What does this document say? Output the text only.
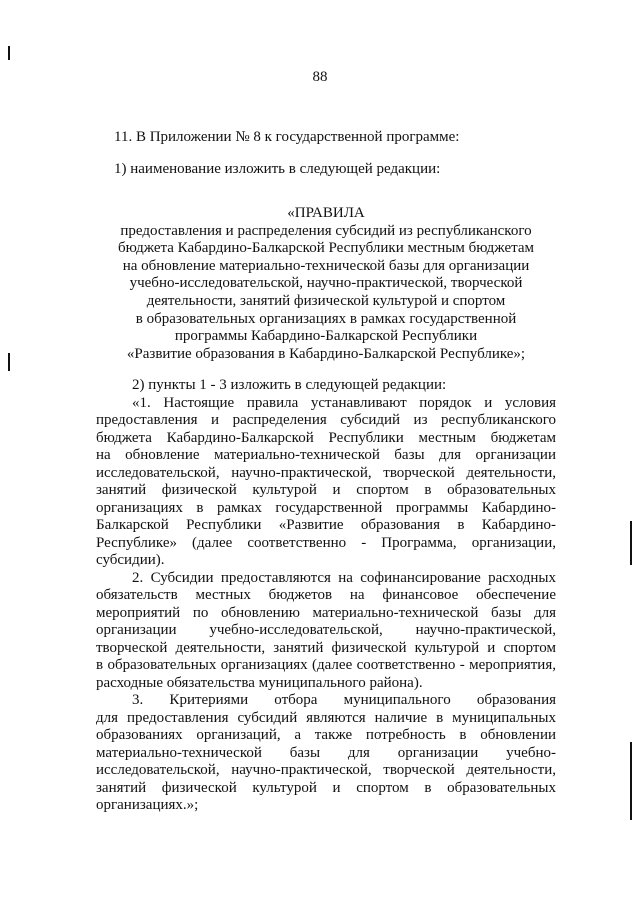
88
11. В Приложении № 8 к государственной программе:
1) наименование изложить в следующей редакции:
«ПРАВИЛА
предоставления и распределения субсидий из республиканского
бюджета Кабардино-Балкарской Республики местным бюджетам
на обновление материально-технической базы для организации
учебно-исследовательской, научно-практической, творческой
деятельности, занятий физической культурой и спортом
в образовательных организациях в рамках государственной
программы Кабардино-Балкарской Республики
«Развитие образования в Кабардино-Балкарской Республике»;
2) пункты 1 - 3 изложить в следующей редакции:
«1. Настоящие правила устанавливают порядок и условия
предоставления и распределения субсидий из республиканского
бюджета Кабардино-Балкарской Республики местным бюджетам
на обновление материально-технической базы для организации
исследовательской, научно-практической, творческой деятельности,
занятий физической культурой и спортом в образовательных
организациях в рамках государственной программы Кабардино-
Балкарской Республики «Развитие образования в Кабардино-
Республике» (далее соответственно - Программа, организации,
субсидии).
2. Субсидии предоставляются на софинансирование расходных
обязательств местных бюджетов на финансовое обеспечение
мероприятий по обновлению материально-технической базы для
организации учебно-исследовательской, научно-практической,
творческой деятельности, занятий физической культурой и спортом
в образовательных организациях (далее соответственно - мероприятия,
расходные обязательства муниципального района).
3. Критериями отбора муниципального образования
для предоставления субсидий являются наличие в муниципальных
образованиях организаций, а также потребность в обновлении
материально-технической базы для организации учебно-
исследовательской, научно-практической, творческой деятельности,
занятий физической культурой и спортом в образовательных
организациях.»;
